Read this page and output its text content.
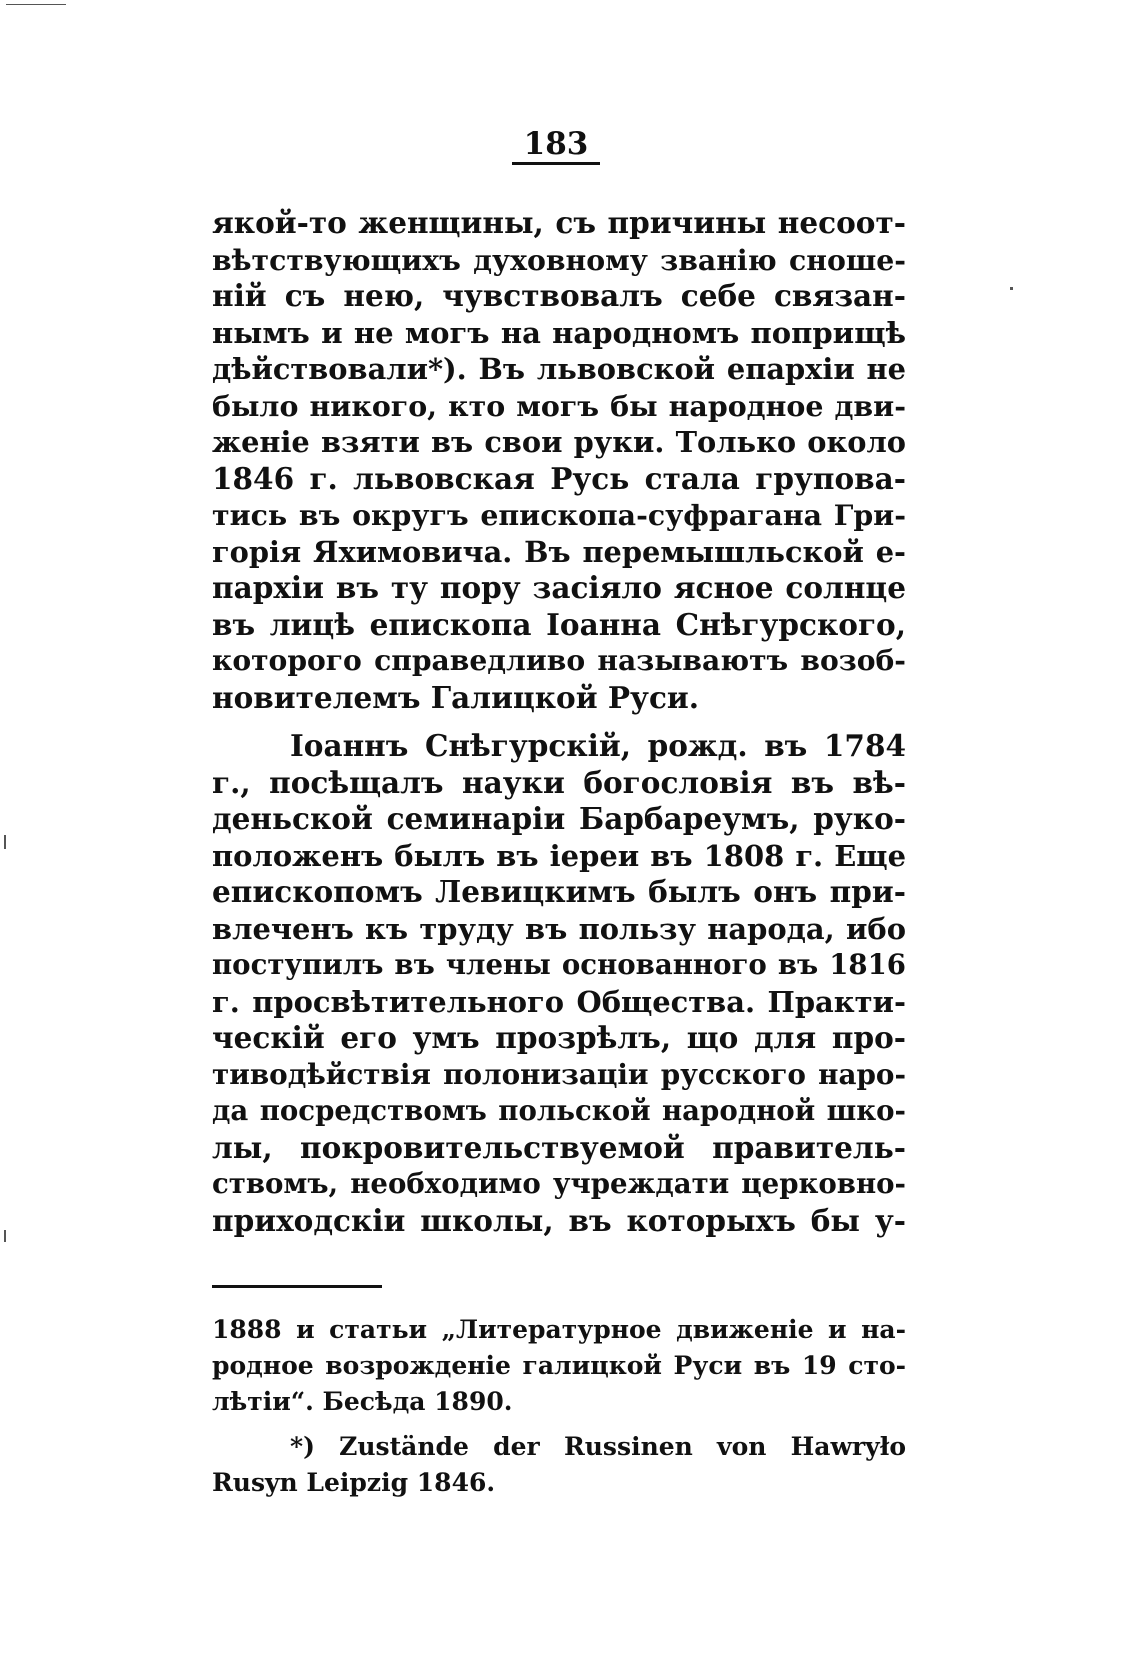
183
якой-то женщины, съ причины несоот-
вѣтствующихъ духовному званію сноше-
ній съ нею, чувствовалъ себе связан-
нымъ и не могъ на народномъ поприщѣ
дѣйствовали*). Въ львовской епархіи не
было никого, кто могъ бы народное дви-
женіе взяти въ свои руки. Только около
1846 г. львовская Русь стала групова-
тись въ округъ епископа-суфрагана Гри-
горія Яхимовича. Въ перемышльской е-
пархіи въ ту пору засіяло ясное солнце
въ лицѣ епископа Іоанна Снѣгурского,
которого справедливо называютъ возоб-
новителемъ Галицкой Руси.
Іоаннъ Снѣгурскій, рожд. въ 1784
г., посѣщалъ науки богословія въ вѣ-
деньской семинаріи Барбареумъ, руко-
положенъ былъ въ іереи въ 1808 г. Еще
епископомъ Левицкимъ былъ онъ при-
влеченъ къ труду въ пользу народа, ибо
поступилъ въ члены основанного въ 1816
г. просвѣтительного Общества. Практи-
ческій его умъ прозрѣлъ, що для про-
тиводѣйствія полонизаціи русского наро-
да посредствомъ польской народной шко-
лы, покровительствуемой правитель-
ствомъ, необходимо учреждати церковно-
приходскіи школы, въ которыхъ бы у-
1888 и статьи „Литературное движеніе и на-
родное возрожденіе галицкой Руси въ 19 сто-
лѣтіи“. Бесѣда 1890.
*) Zustände der Russinen von Hawryło
Rusyn Leipzig 1846.
